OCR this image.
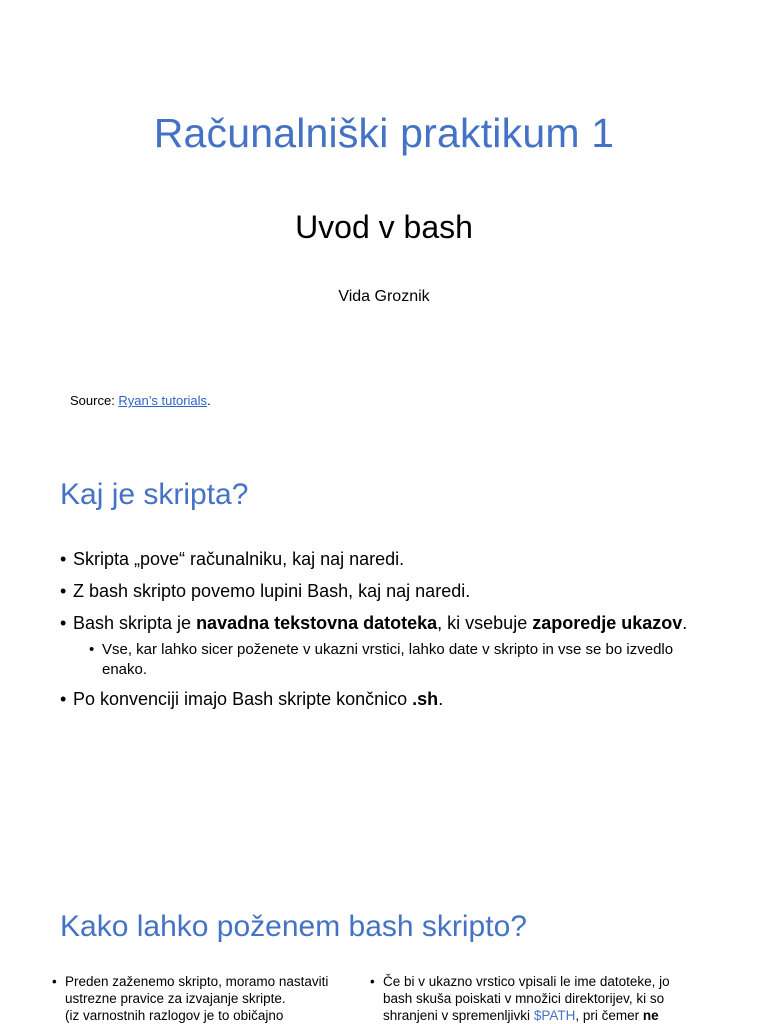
Računalniški praktikum 1
Uvod v bash
Vida Groznik
Source: Ryan’s tutorials.
Kaj je skripta?
• Skripta „pove“ računalniku, kaj naj naredi.
• Z bash skripto povemo lupini Bash, kaj naj naredi.
• Bash skripta je navadna tekstovna datoteka, ki vsebuje zaporedje ukazov.
• Vse, kar lahko sicer poženete v ukazni vrstici, lahko date v skripto in vse se bo izvedlo enako.
• Po konvenciji imajo Bash skripte končnico .sh.
Kako lahko poženem bash skripto?
• Preden zaženemo skripto, moramo nastaviti
ustrezne pravice za izvajanje skripte.
(iz varnostnih razlogov je to običajno
• Če bi v ukazno vrstico vpisali le ime datoteke, jo
bash skuša poiskati v množici direktorijev, ki so
shranjeni v spremenljivki $PATH, pri čemer ne
